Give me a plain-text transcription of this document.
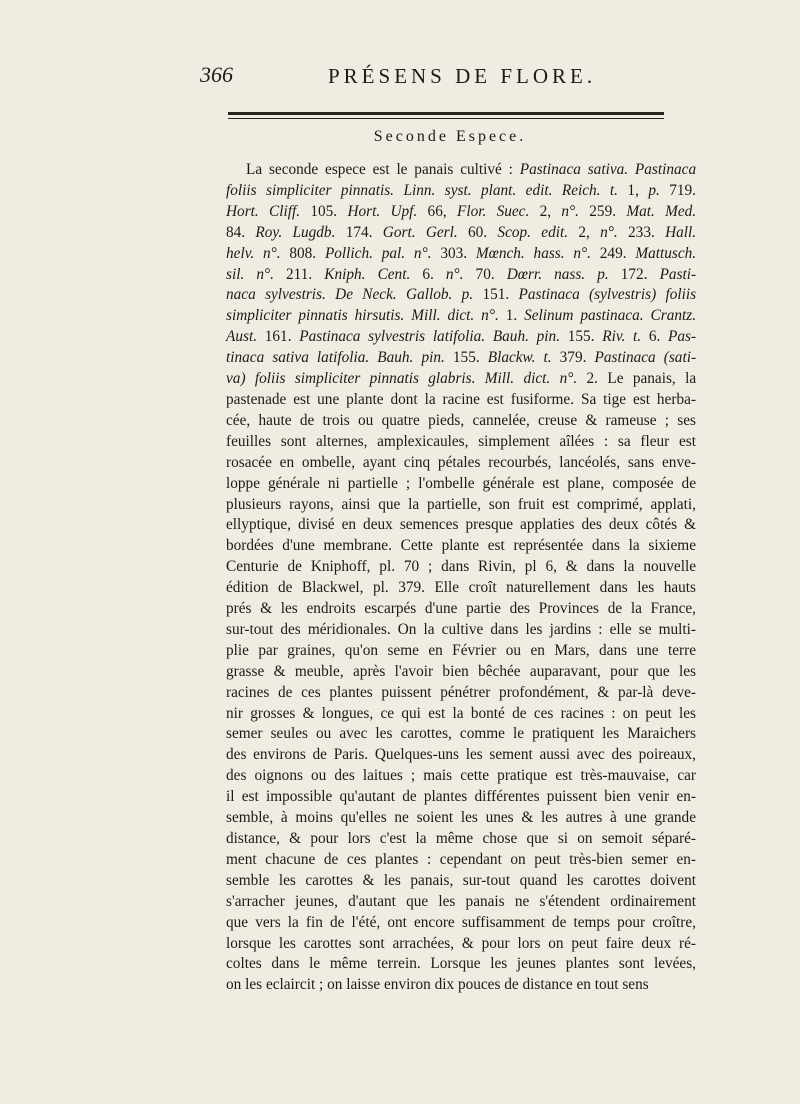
366	PRÉSENS DE FLORE.
Seconde Espece.
La seconde espece est le panais cultivé : Pastinaca sativa. Pastinaca
foliis simpliciter pinnatis. Linn. syst. plant. edit. Reich. t. 1, p. 719.
Hort. Cliff. 105. Hort. Upf. 66, Flor. Suec. 2, n°. 259. Mat. Med.
84. Roy. Lugdb. 174. Gort. Gerl. 60. Scop. edit. 2, n°. 233. Hall.
helv. n°. 808. Pollich. pal. n°. 303. Mœnch. hass. n°. 249. Mattusch.
sil. n°. 211. Kniph. Cent. 6. n°. 70. Dœrr. nass. p. 172. Pasti-
naca sylvestris. De Neck. Gallob. p. 151. Pastinaca (sylvestris) foliis
simpliciter pinnatis hirsutis. Mill. dict. n°. 1. Selinum pastinaca. Crantz.
Aust. 161. Pastinaca sylvestris latifolia. Bauh. pin. 155. Riv. t. 6. Pas-
tinaca sativa latifolia. Bauh. pin. 155. Blackw. t. 379. Pastinaca (sati-
va) foliis simpliciter pinnatis glabris. Mill. dict. n°. 2. Le panais, la
pastenade est une plante dont la racine est fusiforme. Sa tige est herba-
cée, haute de trois ou quatre pieds, cannelée, creuse & rameuse ; ses
feuilles sont alternes, amplexicaules, simplement aîlées : sa fleur est
rosacée en ombelle, ayant cinq pétales recourbés, lancéolés, sans enve-
loppe générale ni partielle ; l'ombelle générale est plane, composée de
plusieurs rayons, ainsi que la partielle, son fruit est comprimé, applati,
ellyptique, divisé en deux semences presque applaties des deux côtés &
bordées d'une membrane. Cette plante est représentée dans la sixieme
Centurie de Kniphoff, pl. 70 ; dans Rivin, pl 6, & dans la nouvelle
édition de Blackwel, pl. 379. Elle croît naturellement dans les hauts
prés & les endroits escarpés d'une partie des Provinces de la France,
sur-tout des méridionales. On la cultive dans les jardins : elle se multi-
plie par graines, qu'on seme en Février ou en Mars, dans une terre
grasse & meuble, après l'avoir bien bêchée auparavant, pour que les
racines de ces plantes puissent pénétrer profondément, & par-là deve-
nir grosses & longues, ce qui est la bonté de ces racines : on peut les
semer seules ou avec les carottes, comme le pratiquent les Maraichers
des environs de Paris. Quelques-uns les sement aussi avec des poireaux,
des oignons ou des laitues ; mais cette pratique est très-mauvaise, car
il est impossible qu'autant de plantes différentes puissent bien venir en-
semble, à moins qu'elles ne soient les unes & les autres à une grande
distance, & pour lors c'est la même chose que si on semoit séparé-
ment chacune de ces plantes : cependant on peut très-bien semer en-
semble les carottes & les panais, sur-tout quand les carottes doivent
s'arracher jeunes, d'autant que les panais ne s'étendent ordinairement
que vers la fin de l'été, ont encore suffisamment de temps pour croître,
lorsque les carottes sont arrachées, & pour lors on peut faire deux ré-
coltes dans le même terrein. Lorsque les jeunes plantes sont levées,
on les eclaircit ; on laisse environ dix pouces de distance en tout sens
